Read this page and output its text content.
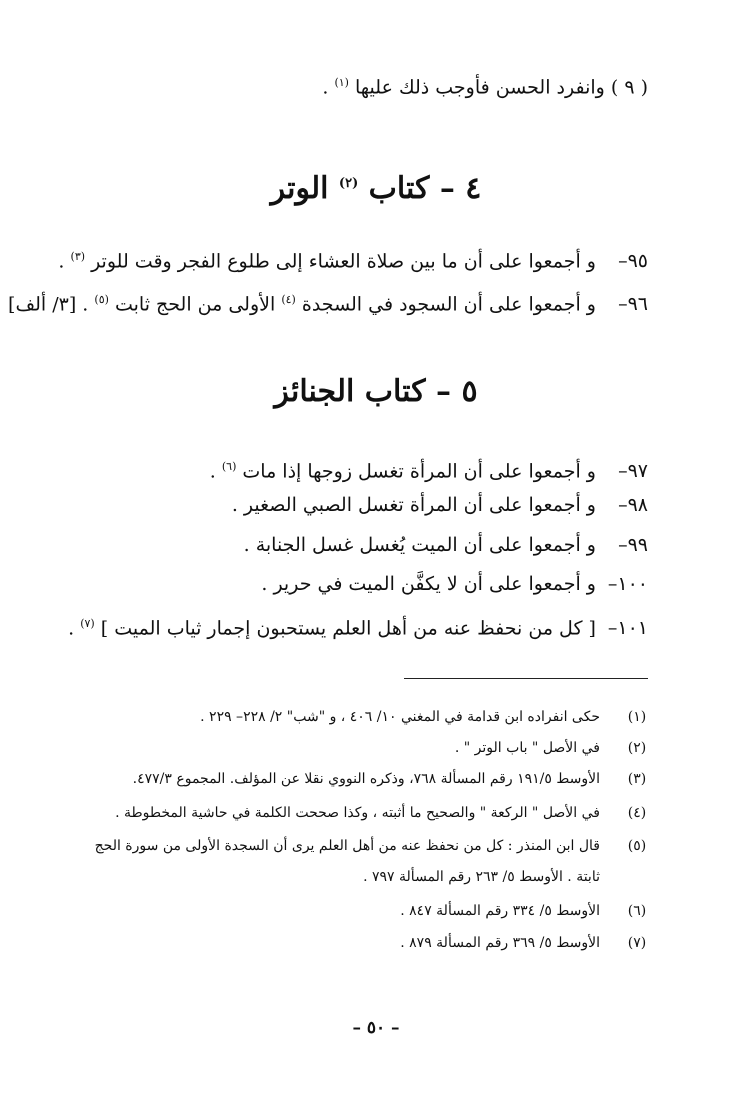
( ٩ ) وانفرد الحسن فأوجب ذلك عليها $^{(١)}$ .
٤ – كتاب $^{(٢)}$ الوتر
٩٥– و أجمعوا على أن ما بين صلاة العشاء إلى طلوع الفجر وقت للوتر $^{(٣)}$ .
٩٦– و أجمعوا على أن السجود في السجدة $^{(٤)}$ الأولى من الحج ثابت $^{(٥)}$ . [٣/ ألف]
٥ – كتاب الجنائز
٩٧– و أجمعوا على أن المرأة تغسل زوجها إذا مات $^{(٦)}$ .
٩٨– و أجمعوا على أن المرأة تغسل الصبي الصغير .
٩٩– و أجمعوا على أن الميت يُغسل غسل الجنابة .
١٠٠– و أجمعوا على أن لا يكفَّن الميت في حرير .
١٠١– [ كل من نحفظ عنه من أهل العلم يستحبون إجمار ثياب الميت ] $^{(٧)}$ .
(١)
حكى انفراده ابن قدامة في المغني ١٠/ ٤٠٦ ، و "شب" ٢/ ٢٢٨– ٢٢٩ .
(٢)
في الأصل " باب الوتر " .
(٣)
الأوسط ١٩١/٥ رقم المسألة ٧٦٨، وذكره النووي نقلا عن المؤلف. المجموع ٤٧٧/٣.
(٤)
في الأصل " الركعة " والصحيح ما أثبته ، وكذا صححت الكلمة في حاشية المخطوطة .
(٥)
قال ابن المنذر : كل من نحفظ عنه من أهل العلم يرى أن السجدة الأولى من سورة الحج
ثابتة . الأوسط ٥/ ٢٦٣ رقم المسألة ٧٩٧ .
(٦)
الأوسط ٥/ ٣٣٤ رقم المسألة ٨٤٧ .
(٧)
الأوسط ٥/ ٣٦٩ رقم المسألة ٨٧٩ .
– ٥٠ –
